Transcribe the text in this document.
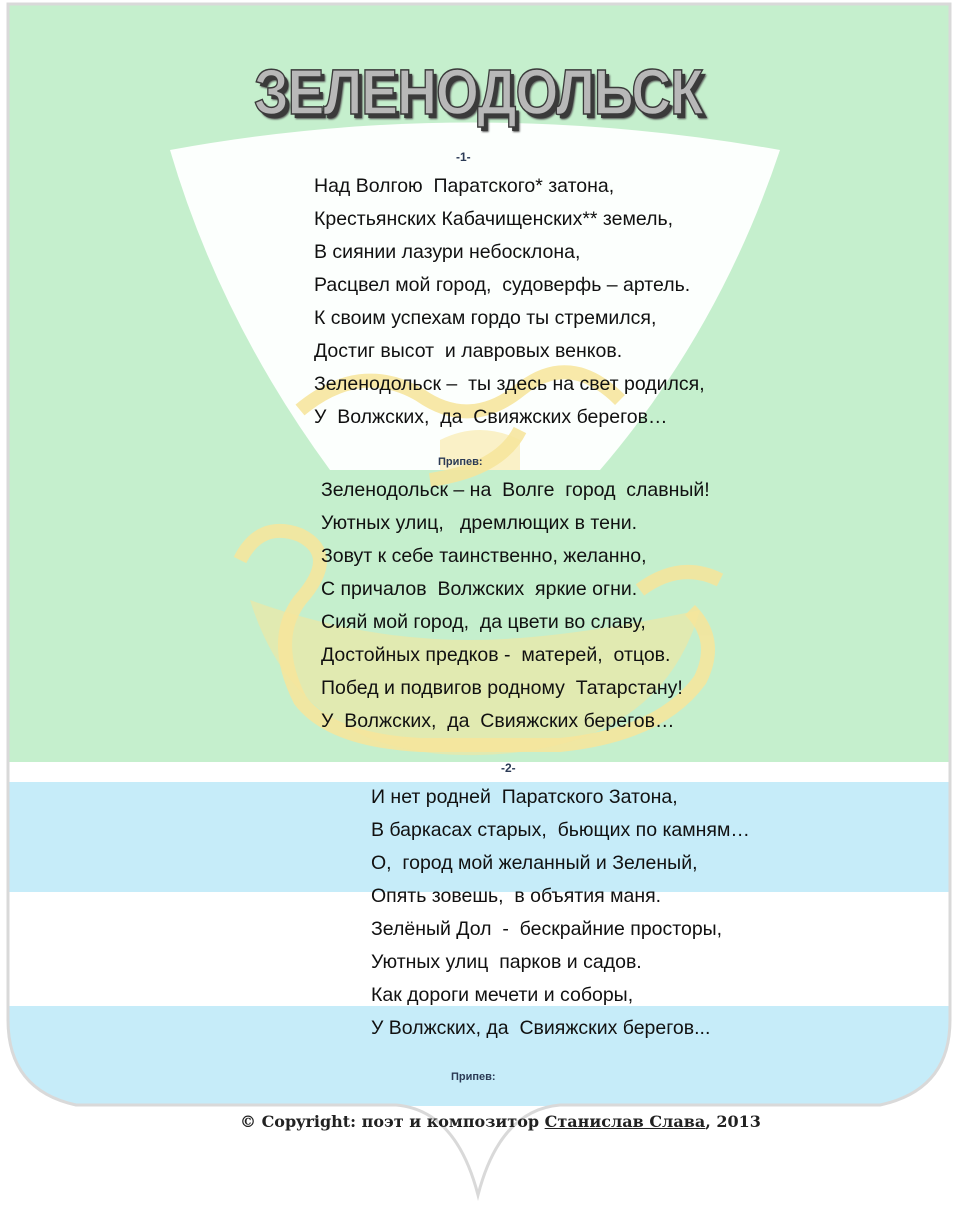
ЗЕЛЕНОДОЛЬСК
-1-
Над Волгою  Паратского* затона,
Крестьянских Кабачищенских** земель,
В сиянии лазури небосклона,
Расцвел мой город,  судоверфь – артель.
К своим успехам гордо ты стремился,
Достиг высот  и лавровых венков.
Зеленодольск –  ты здесь на свет родился,
У  Волжских,  да  Свияжских берегов…
Припев:
Зеленодольск – на  Волге  город  славный!
Уютных улиц,   дремлющих в тени.
Зовут к себе таинственно, желанно,
С причалов  Волжских  яркие огни.
Сияй мой город,  да цвети во славу,
Достойных предков -  матерей,  отцов.
Побед и подвигов родному  Татарстану!
У  Волжских,  да  Свияжских берегов…
-2-
И нет родней  Паратского Затона,
В баркасах старых,  бьющих по камням…
О,  город мой желанный и Зеленый,
Опять зовешь,  в объятия маня.
Зелёный Дол  -  бескрайние просторы,
Уютных улиц  парков и садов.
Как дороги мечети и соборы,
У Волжских, да  Свияжских берегов...
Припев:
© Copyright: поэт и композитор Станислав Слава, 2013
